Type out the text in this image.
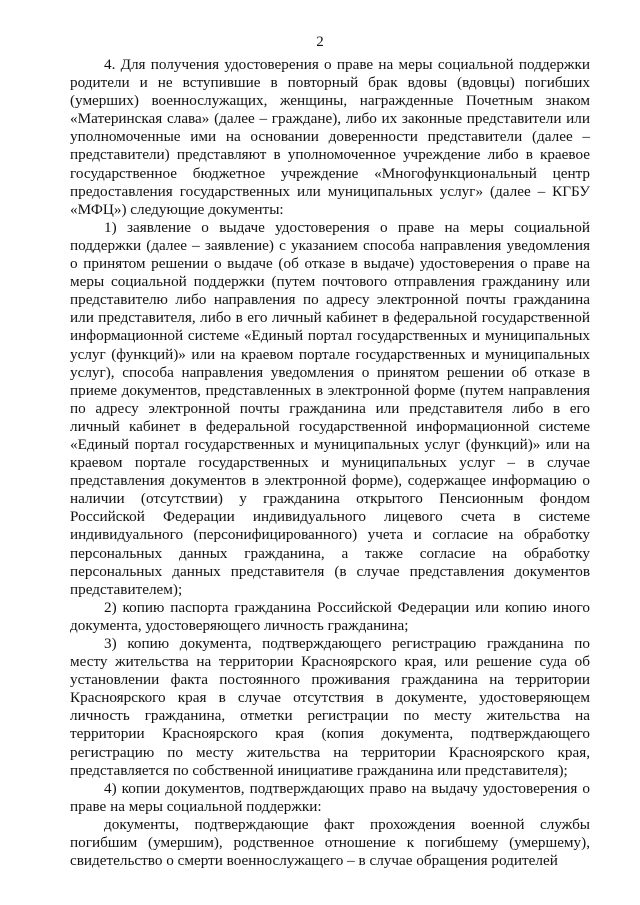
2

4. Для получения удостоверения о праве на меры социальной поддержки родители и не вступившие в повторный брак вдовы (вдовцы) погибших (умерших) военнослужащих, женщины, награжденные Почетным знаком «Материнская слава» (далее – граждане), либо их законные представители или уполномоченные ими на основании доверенности представители (далее – представители) представляют в уполномоченное учреждение либо в краевое государственное бюджетное учреждение «Многофункциональный центр предоставления государственных или муниципальных услуг» (далее – КГБУ «МФЦ») следующие документы:

1) заявление о выдаче удостоверения о праве на меры социальной поддержки (далее – заявление) с указанием способа направления уведомления о принятом решении о выдаче (об отказе в выдаче) удостоверения о праве на меры социальной поддержки (путем почтового отправления гражданину или представителю либо направления по адресу электронной почты гражданина или представителя, либо в его личный кабинет в федеральной государственной информационной системе «Единый портал государственных и муниципальных услуг (функций)» или на краевом портале государственных и муниципальных услуг), способа направления уведомления о принятом решении об отказе в приеме документов, представленных в электронной форме (путем направления по адресу электронной почты гражданина или представителя либо в его личный кабинет в федеральной государственной информационной системе «Единый портал государственных и муниципальных услуг (функций)» или на краевом портале государственных и муниципальных услуг – в случае представления документов в электронной форме), содержащее информацию о наличии (отсутствии) у гражданина открытого Пенсионным фондом Российской Федерации индивидуального лицевого счета в системе индивидуального (персонифицированного) учета и согласие на обработку персональных данных гражданина, а также согласие на обработку персональных данных представителя (в случае представления документов представителем);

2) копию паспорта гражданина Российской Федерации или копию иного документа, удостоверяющего личность гражданина;

3) копию документа, подтверждающего регистрацию гражданина по месту жительства на территории Красноярского края, или решение суда об установлении факта постоянного проживания гражданина на территории Красноярского края в случае отсутствия в документе, удостоверяющем личность гражданина, отметки регистрации по месту жительства на территории Красноярского края (копия документа, подтверждающего регистрацию по месту жительства на территории Красноярского края, представляется по собственной инициативе гражданина или представителя);

4) копии документов, подтверждающих право на выдачу удостоверения о праве на меры социальной поддержки:

документы, подтверждающие факт прохождения военной службы погибшим (умершим), родственное отношение к погибшему (умершему), свидетельство о смерти военнослужащего – в случае обращения родителей
